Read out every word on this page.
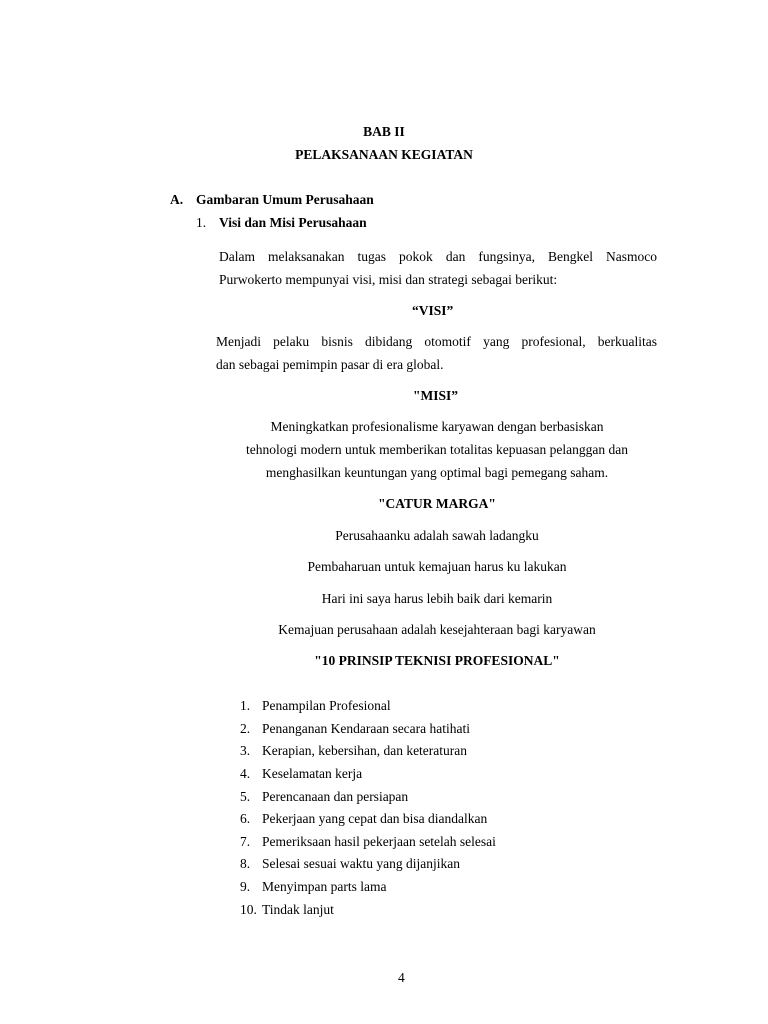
BAB II
PELAKSANAAN KEGIATAN
A. Gambaran Umum Perusahaan
1. Visi dan Misi Perusahaan
Dalam melaksanakan tugas pokok dan fungsinya, Bengkel Nasmoco
Purwokerto mempunyai visi, misi dan strategi sebagai berikut:
“VISI”
Menjadi pelaku bisnis dibidang otomotif yang profesional, berkualitas
dan sebagai pemimpin pasar di era global.
"MISI”
Meningkatkan profesionalisme karyawan dengan berbasiskan
tehnologi modern untuk memberikan totalitas kepuasan pelanggan dan
menghasilkan keuntungan yang optimal bagi pemegang saham.
"CATUR MARGA"
Perusahaanku adalah sawah ladangku
Pembaharuan untuk kemajuan harus ku lakukan
Hari ini saya harus lebih baik dari kemarin
Kemajuan perusahaan adalah kesejahteraan bagi karyawan
"10 PRINSIP TEKNISI PROFESIONAL"
1. Penampilan Profesional
2. Penanganan Kendaraan secara hatihati
3. Kerapian, kebersihan, dan keteraturan
4. Keselamatan kerja
5. Perencanaan dan persiapan
6. Pekerjaan yang cepat dan bisa diandalkan
7. Pemeriksaan hasil pekerjaan setelah selesai
8. Selesai sesuai waktu yang dijanjikan
9. Menyimpan parts lama
10. Tindak lanjut
4
